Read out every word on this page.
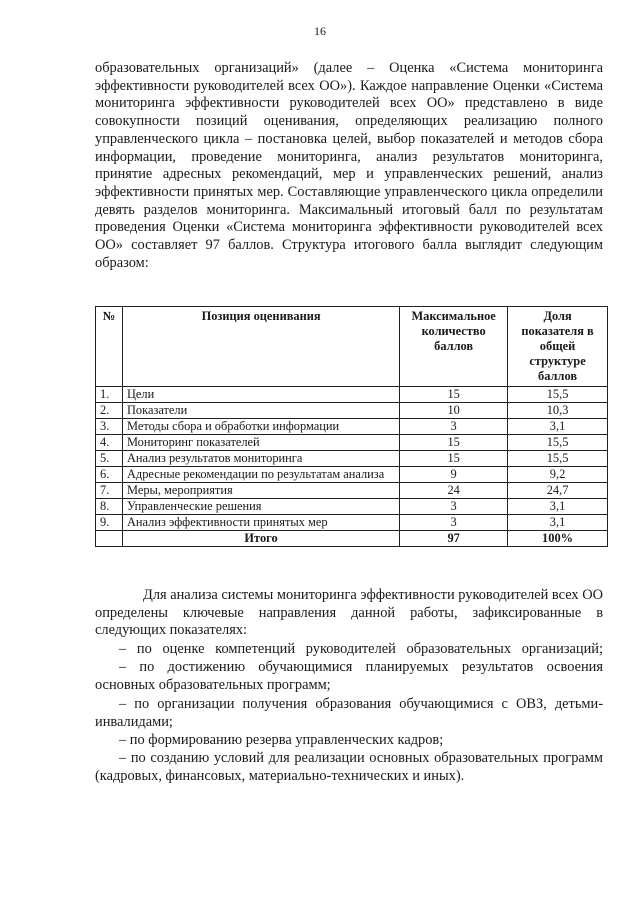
16

образовательных организаций» (далее – Оценка «Система мониторинга эффективности руководителей всех ОО»). Каждое направление Оценки «Система мониторинга эффективности руководителей всех ОО» представлено в виде совокупности позиций оценивания, определяющих реализацию полного управленческого цикла – постановка целей, выбор показателей и методов сбора информации, проведение мониторинга, анализ результатов мониторинга, принятие адресных рекомендаций, мер и управленческих решений, анализ эффективности принятых мер. Составляющие управленческого цикла определили девять разделов мониторинга. Максимальный итоговый балл по результатам проведения Оценки «Система мониторинга эффективности руководителей всех ОО» составляет 97 баллов. Структура итогового балла выглядит следующим образом:

№	Позиция оценивания	Максимальное количество баллов	Доля показателя в общей структуре баллов
1.	Цели	15	15,5
2.	Показатели	10	10,3
3.	Методы сбора и обработки информации	3	3,1
4.	Мониторинг показателей	15	15,5
5.	Анализ результатов мониторинга	15	15,5
6.	Адресные рекомендации по результатам анализа	9	9,2
7.	Меры, мероприятия	24	24,7
8.	Управленческие решения	3	3,1
9.	Анализ эффективности принятых мер	3	3,1
	Итого	97	100%

Для анализа системы мониторинга эффективности руководителей всех ОО определены ключевые направления данной работы, зафиксированные в следующих показателях:

– по оценке компетенций руководителей образовательных организаций;

– по достижению обучающимися планируемых результатов освоения основных образовательных программ;

– по организации получения образования обучающимися с ОВЗ, детьми-инвалидами;

– по формированию резерва управленческих кадров;

– по созданию условий для реализации основных образовательных программ (кадровых, финансовых, материально-технических и иных).
